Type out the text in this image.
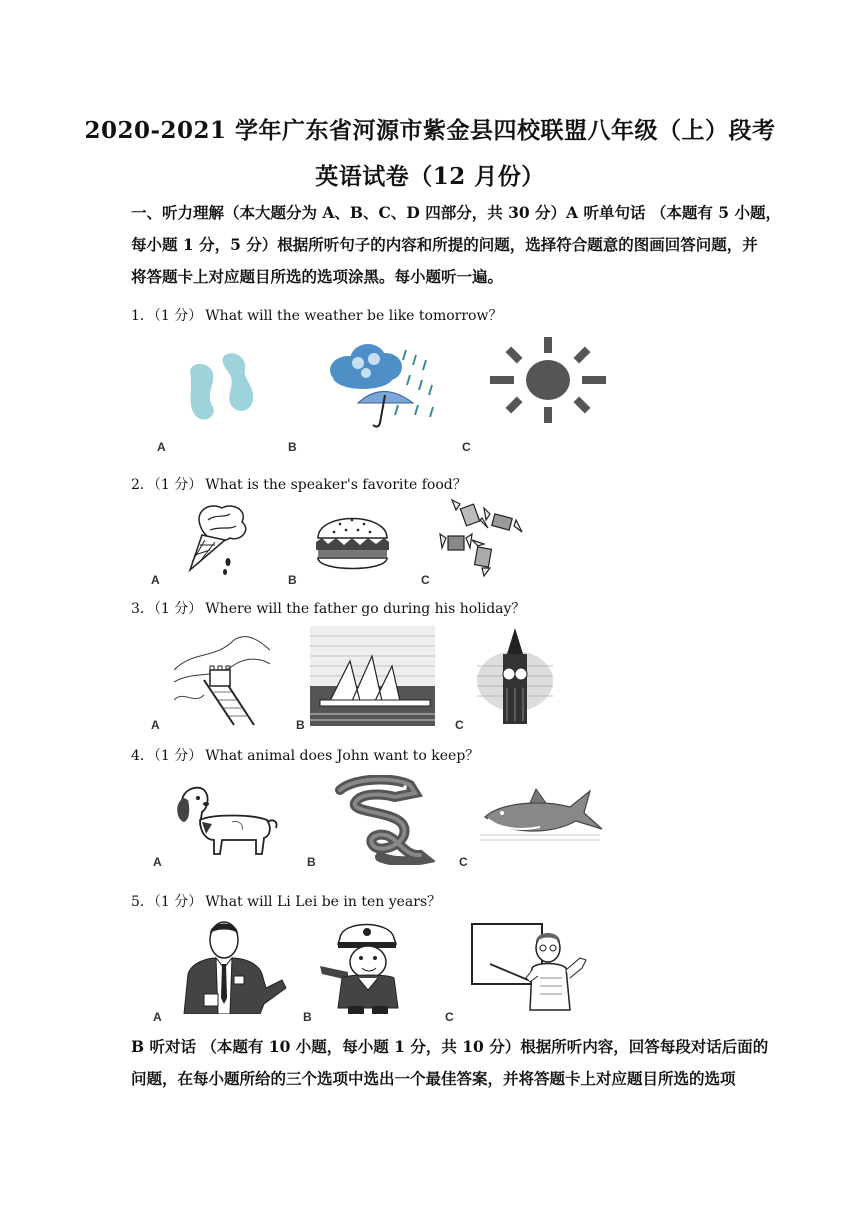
2020-2021 学年广东省河源市紫金县四校联盟八年级（上）段考
英语试卷（12 月份）
一、听力理解（本大题分为 A、B、C、D 四部分，共 30 分）A 听单句话 （本题有 5 小题，
每小题 1 分，5 分）根据所听句子的内容和所提的问题，选择符合题意的图画回答问题，并
将答题卡上对应题目所选的选项涂黑。每小题听一遍。
1．（1 分） What will the weather be like tomorrow？
A	B	C
2．（1 分） What is the speaker's favorite food？
A	B	C
3．（1 分） Where will the father go during his holiday？
A	B	C
4．（1 分） What animal does John want to keep？
A	B	C
5．（1 分） What will Li Lei be in ten years？
A	B	C
B 听对话 （本题有 10 小题，每小题 1 分，共 10 分）根据所听内容，回答每段对话后面的
问题，在每小题所给的三个选项中选出一个最佳答案，并将答题卡上对应题目所选的选项
